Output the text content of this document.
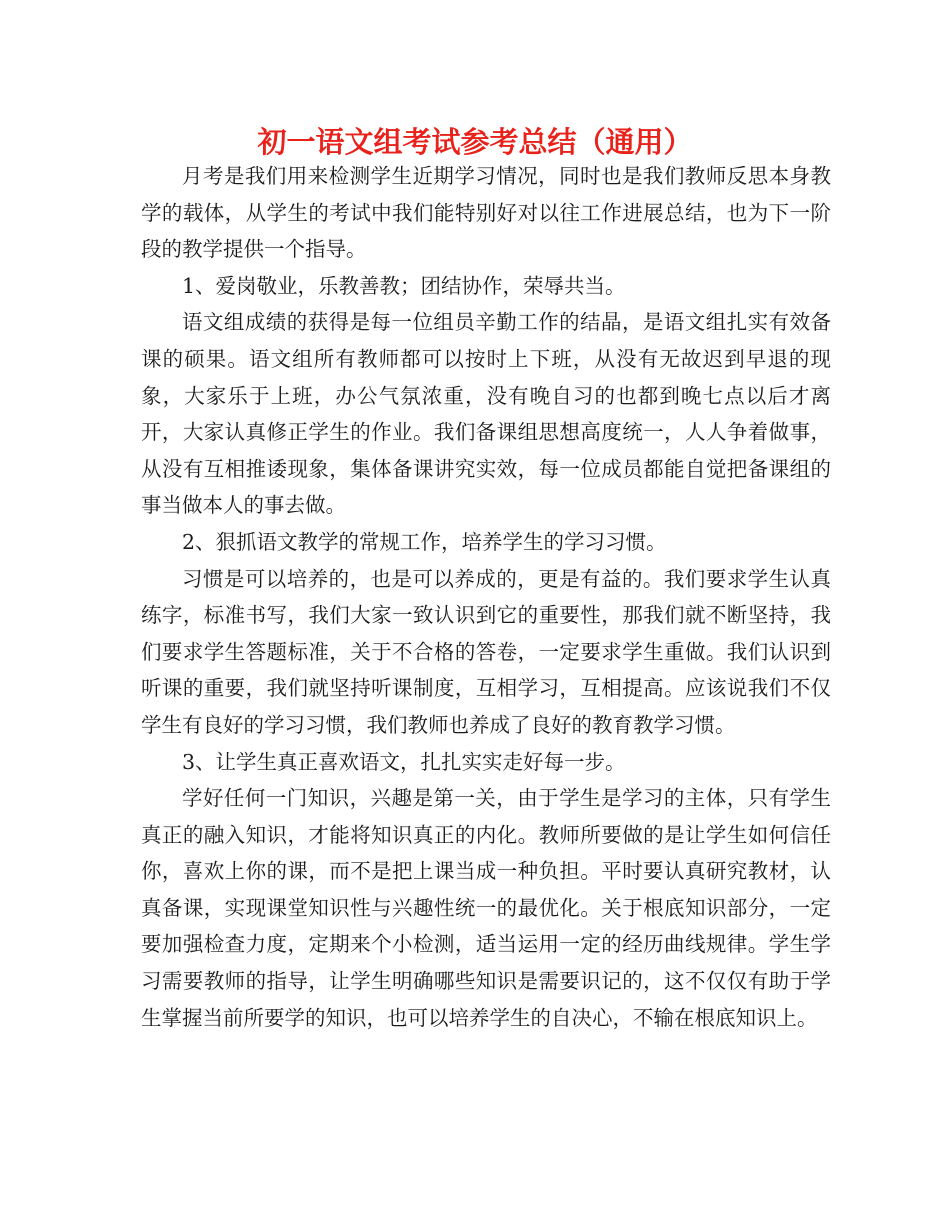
初一语文组考试参考总结（通用）

月考是我们用来检测学生近期学习情况，同时也是我们教师反思本身教学的载体，从学生的考试中我们能特别好对以往工作进展总结，也为下一阶段的教学提供一个指导。

1、爱岗敬业，乐教善教；团结协作，荣辱共当。

语文组成绩的获得是每一位组员辛勤工作的结晶，是语文组扎实有效备课的硕果。语文组所有教师都可以按时上下班，从没有无故迟到早退的现象，大家乐于上班，办公气氛浓重，没有晚自习的也都到晚七点以后才离开，大家认真修正学生的作业。我们备课组思想高度统一，人人争着做事，从没有互相推诿现象，集体备课讲究实效，每一位成员都能自觉把备课组的事当做本人的事去做。

2、狠抓语文教学的常规工作，培养学生的学习习惯。

习惯是可以培养的，也是可以养成的，更是有益的。我们要求学生认真练字，标准书写，我们大家一致认识到它的重要性，那我们就不断坚持，我们要求学生答题标准，关于不合格的答卷，一定要求学生重做。我们认识到听课的重要，我们就坚持听课制度，互相学习，互相提高。应该说我们不仅学生有良好的学习习惯，我们教师也养成了良好的教育教学习惯。

3、让学生真正喜欢语文，扎扎实实走好每一步。

学好任何一门知识，兴趣是第一关，由于学生是学习的主体，只有学生真正的融入知识，才能将知识真正的内化。教师所要做的是让学生如何信任你，喜欢上你的课，而不是把上课当成一种负担。平时要认真研究教材，认真备课，实现课堂知识性与兴趣性统一的最优化。关于根底知识部分，一定要加强检查力度，定期来个小检测，适当运用一定的经历曲线规律。学生学习需要教师的指导，让学生明确哪些知识是需要识记的，这不仅仅有助于学生掌握当前所要学的知识，也可以培养学生的自决心，不输在根底知识上。
